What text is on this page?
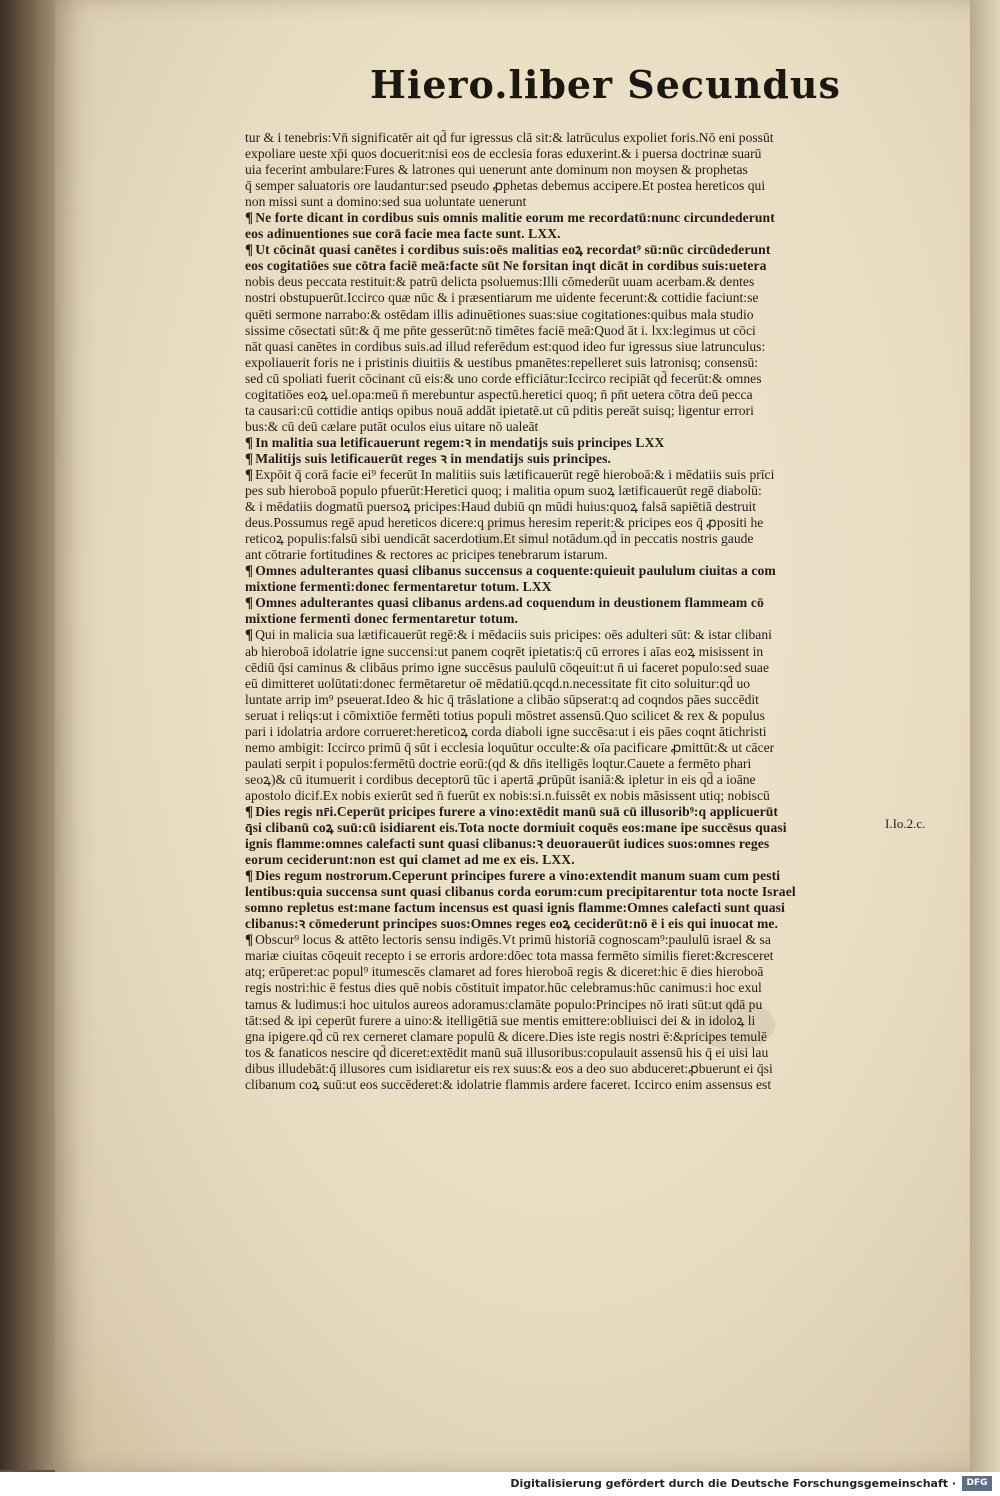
Hiero.liber Secundus
tur & i tenebris:Vn̄ significatēr ait qd̄ fur igressus clā sit:& latrūculus expoliet foris.Nō eni possūt
expoliare ueste xp̄i quos docuerit:nisi eos de ecclesia foras eduxerint.& i puersa doctrinæ suarū
uia fecerint ambulare:Fures & latrones qui uenerunt ante dominum non moysen & prophetas
q̄ semper saluatoris ore laudantur:sed pseudo ꝓphetas debemus accipere.Et postea hereticos qui
non missi sunt a domino:sed sua uoluntate uenerunt
¶ Ne forte dicant in cordibus suis omnis malitie eorum me recordatū:nunc circundederunt
eos adinuentiones sue corā facie mea facte sunt. LXX.
¶ Ut cōcināt quasi canētes i cordibus suis:oēs malitias eoꝝ recordat⁹ sū:nūc circūdederunt
eos cogitatiōes sue cōtra faciē meā:facte sūt Ne forsitan inqt dicāt in cordibus suis:uetera
nobis deus peccata restituit:& patrū delicta psoluemus:Illi cōmederūt uuam acerbam.& dentes
nostri obstupuerūt.Iccirco quæ nūc & i præsentiarum me uidente fecerunt:& cottidie faciunt:se
quēti sermone narrabo:& ostēdam illis adinuētiones suas:siue cogitationes:quibus mala studio
sissime cōsectati sūt:& q̄ me pn̄te gesserūt:nō timētes faciē meā:Quod āt i. lxx:legimus ut cōci
nāt quasi canētes in cordibus suis.ad illud referēdum est:quod ideo fur igressus siue latrunculus:
expoliauerit foris ne i pristinis diuitiis & uestibus pmanētes:repelleret suis latronisq; consensū:
sed cū spoliati fuerit cōcinant cū eis:& uno corde efficiātur:Iccirco recipiāt qd̄ fecerūt:& omnes
cogitatiōes eoꝝ uel.opa:meū n̄ merebuntur aspectū.heretici quoq; n̄ pn̄t uetera cōtra deū pecca
ta causari:cū cottidie antiqs opibus nouā addāt ipietatē.ut cū pditis pereāt suisq; ligentur errori
bus:& cū deū cælare putāt oculos eius uitare nō ualeāt
¶ In malitia sua letificauerunt regem:ꝛ in mendatijs suis principes LXX
¶ Malitijs suis letificauerūt reges ꝛ in mendatijs suis principes.
¶ Expōit q̄ corā facie ei⁹ fecerūt In malitiis suis lætificauerūt regē hieroboā:& i mēdatiis suis prīci
pes sub hieroboā populo pfuerūt:Heretici quoq; i malitia opum suoꝝ lætificauerūt regē diabolū:
& i mēdatiis dogmatū puersoꝝ pricipes:Haud dubiū qn mūdi huius:quoꝝ falsā sapiētiā destruit
deus.Possumus regē apud hereticos dicere:q primus heresim reperit:& pricipes eos q̄ ꝓpositi he
reticoꝝ populis:falsū sibi uendicāt sacerdotium.Et simul notādum.qd̄ in peccatis nostris gaude
ant cōtrarie fortitudines & rectores ac pricipes tenebrarum istarum.
¶ Omnes adulterantes quasi clibanus succensus a coquente:quieuit paululum ciuitas a com
mixtione fermenti:donec fermentaretur totum. LXX
¶ Omnes adulterantes quasi clibanus ardens.ad coquendum in deustionem flammeam cō
mixtione fermenti donec fermentaretur totum.
¶ Qui in malicia sua lætificauerūt regē:& i mēdaciis suis pricipes: oēs adulteri sūt: & istar clibani
ab hieroboā idolatrie igne succensi:ut panem coqrēt ipietatis:q̄ cū errores i aīas eoꝝ misissent in
cēdiū q̄si caminus & clibāus primo igne succēsus paululū cōqeuit:ut n̄ ui faceret populo:sed suae
eū dimitteret uolūtati:donec fermētaretur oē mēdatiū.qcqd.n.necessitate fit cito soluitur:qd̄ uo
luntate arrip im⁹ pseuerat.Ideo & hic q̄ trāslatione a clibāo sūpserat:q ad coqndos pāes succēdit
seruat i reliqs:ut i cōmixtiōe ferměti totius populi mōstret assensū.Quo scilicet & rex & populus
pari i idolatria ardore corrueret:hereticoꝝ corda diaboli igne succēsa:ut i eis pāes coqnt ātichristi
nemo ambigit: Iccirco primū q̄ sūt i ecclesia loquūtur occulte:& oīa pacificare ꝓmittūt:& ut cācer
paulati serpit i populos:fermētū doctrie eorū:(qd & dn̄s itelligēs loqtur.Cauete a fermēto phari
seoꝝ)& cū itumuerit i cordibus deceptorū tūc i apertā ꝓrūpūt isaniā:& ipletur in eis qd̄ a ioāne
apostolo dicif.Ex nobis exierūt sed n̄ fuerūt ex nobis:si.n.fuissēt ex nobis māsissent utiq; nobiscū
¶ Dies regis nr̄i.Ceperūt pricipes furere a vino:extēdit manū suā cū illusorib⁹:q applicuerūt
q̄si clibanū coꝝ suū:cū isidiarent eis.Tota nocte dormiuit coquēs eos:mane ipe succēsus quasi
ignis flamme:omnes calefacti sunt quasi clibanus:ꝛ deuorauerūt iudices suos:omnes reges
eorum ceciderunt:non est qui clamet ad me ex eis. LXX.
¶ Dies regum nostrorum.Ceperunt principes furere a vino:extendit manum suam cum pesti
lentibus:quia succensa sunt quasi clibanus corda eorum:cum precipitarentur tota nocte Israel
somno repletus est:mane factum incensus est quasi ignis flamme:Omnes calefacti sunt quasi
clibanus:ꝛ cōmederunt principes suos:Omnes reges eoꝝ ceciderūt:nō ē i eis qui inuocat me.
¶ Obscur⁹ locus & attēto lectoris sensu indigēs.Vt primū historiā cognoscam⁹:paululū israel & sa
mariæ ciuitas cōqeuit recepto i se erroris ardore:dōec tota massa fermēto similis fieret:&cresceret
atq; erūperet:ac popul⁹ itumescēs clamaret ad fores hieroboā regis & diceret:hic ē dies hieroboā
regis nostri:hic ē festus dies quē nobis cōstituit impator.hūc celebramus:hūc canimus:i hoc exul
tamus & ludimus:i hoc uitulos aureos adoramus:clamāte populo:Principes nō irati sūt:ut qdā pu
tāt:sed & ipi ceperūt furere a uino:& itelligētiā sue mentis emittere:obliuisci dei & in idoloꝝ li
gna ipigere.qd̄ cū rex cerneret clamare populū & dicere.Dies iste regis nostri ē:&pricipes temulē
tos & fanaticos nescire qd̄ diceret:extēdit manū suā illusoribus:copulauit assensū his q̄ ei uisi lau
dibus illudebāt:q̄ illusores cum isidiaretur eis rex suus:& eos a deo suo abduceret:ꝓbuerunt ei q̄si
clibanum coꝝ suū:ut eos succēderet:& idolatrie flammis ardere faceret. Iccirco enim assensus est
I.Io.2.c.
Digitalisierung gefördert durch die Deutsche Forschungsgemeinschaft ·	DFG
